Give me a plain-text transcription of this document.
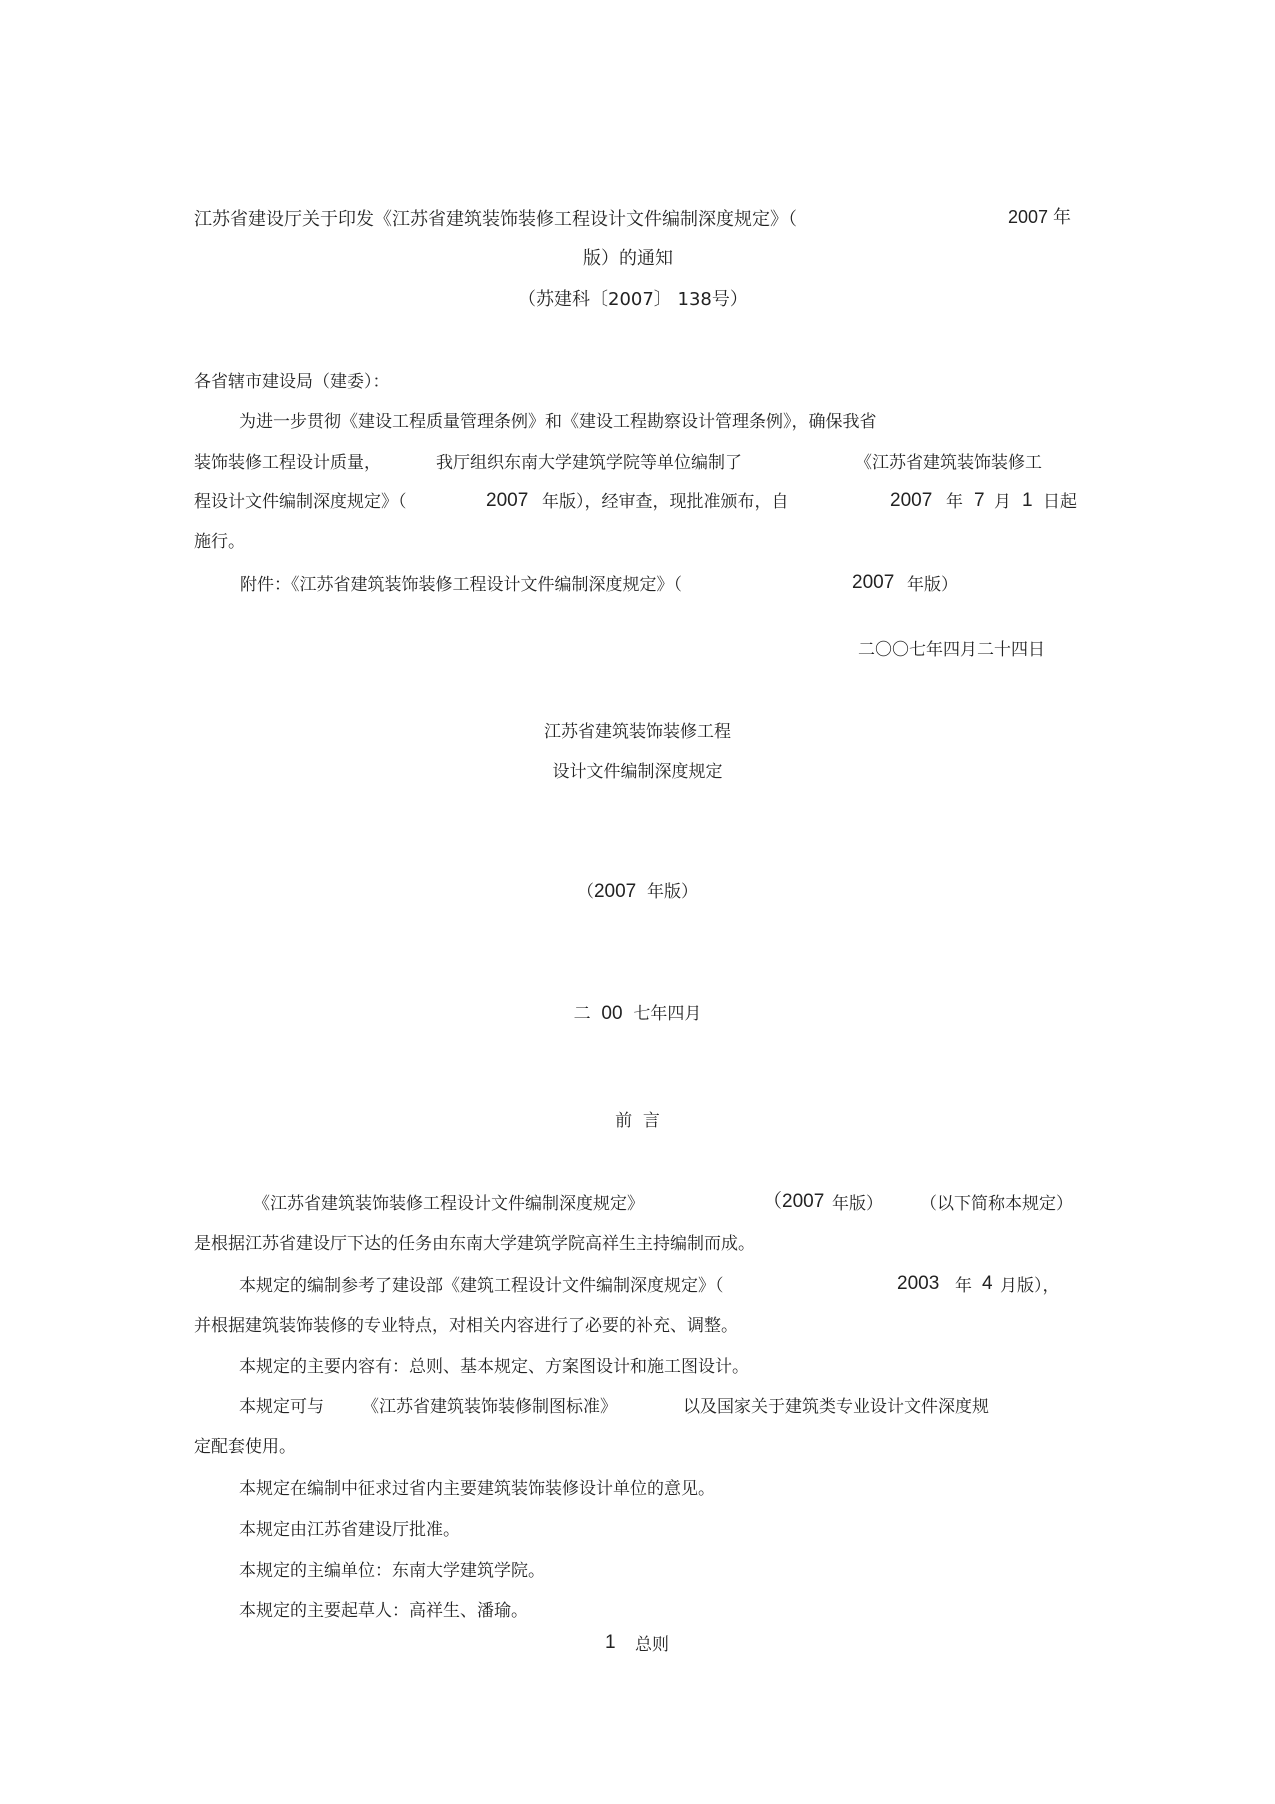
江苏省建设厅关于印发《江苏省建筑装饰装修工程设计文件编制深度规定》（	2007 年

版）的通知

（苏建科〔2007〕 138号）

各省辖市建设局（建委）：

为进一步贯彻《建设工程质量管理条例》和《建设工程勘察设计管理条例》，确保我省

装饰装修工程设计质量，	我厅组织东南大学建筑学院等单位编制了	《江苏省建筑装饰装修工

程设计文件编制深度规定》（	2007 年版），经审查，现批准颁布，自	2007 年 7 月 1 日起

施行。

附件：《江苏省建筑装饰装修工程设计文件编制深度规定》（	2007 年版）

二〇〇七年四月二十四日

江苏省建筑装饰装修工程

设计文件编制深度规定

（2007 年版）
二 00 七年四月

前  言

《江苏省建筑装饰装修工程设计文件编制深度规定》	（2007 年版） （以下简称本规定）

是根据江苏省建设厅下达的任务由东南大学建筑学院高祥生主持编制而成。

本规定的编制参考了建设部《建筑工程设计文件编制深度规定》（	2003 年 4 月版），

并根据建筑装饰装修的专业特点，对相关内容进行了必要的补充、调整。

本规定的主要内容有：总则、基本规定、方案图设计和施工图设计。

本规定可与 《江苏省建筑装饰装修制图标准》	以及国家关于建筑类专业设计文件深度规

定配套使用。

本规定在编制中征求过省内主要建筑装饰装修设计单位的意见。

本规定由江苏省建设厅批准。

本规定的主编单位：东南大学建筑学院。

本规定的主要起草人：高祥生、潘瑜。

1 总则
